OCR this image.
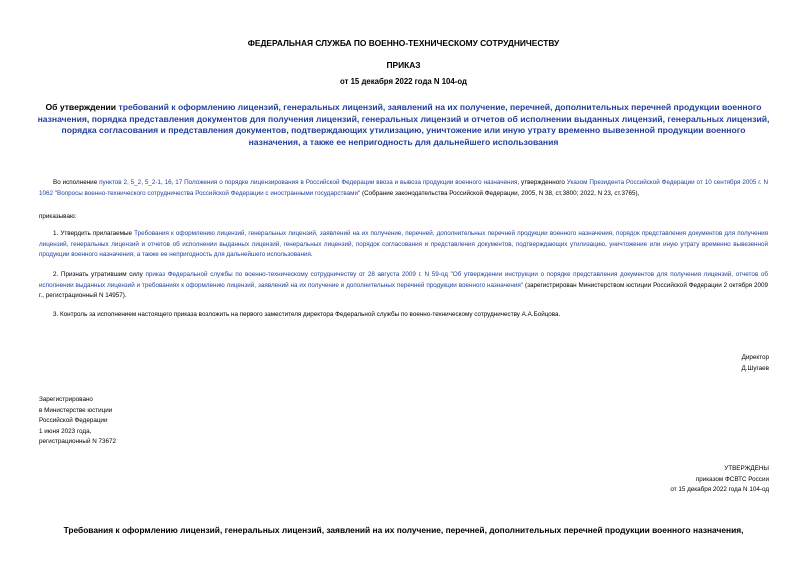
ФЕДЕРАЛЬНАЯ СЛУЖБА ПО ВОЕННО-ТЕХНИЧЕСКОМУ СОТРУДНИЧЕСТВУ
ПРИКАЗ
от 15 декабря 2022 года N 104-од
Об утверждении требований к оформлению лицензий, генеральных лицензий, заявлений на их получение, перечней, дополнительных перечней продукции военного назначения, порядка представления документов для получения лицензий, генеральных лицензий и отчетов об исполнении выданных лицензий, генеральных лицензий, порядка согласования и представления документов, подтверждающих утилизацию, уничтожение или иную утрату временно вывезенной продукции военного назначения, а также ее непригодность для дальнейшего использования

Во исполнение пунктов 2, 5_2, 5_2-1, 16, 17 Положения о порядке лицензирования в Российской Федерации ввоза и вывоза продукции военного назначения, утвержденного Указом Президента Российской Федерации от 10 сентября 2005 г. N 1062 "Вопросы военно-технического сотрудничества Российской Федерации с иностранными государствами" (Собрание законодательства Российской Федерации, 2005, N 38, ст.3800; 2022, N 23, ст.3765),

приказываю:

1. Утвердить прилагаемые Требования к оформлению лицензий, генеральных лицензий, заявлений на их получение, перечней, дополнительных перечней продукции военного назначения, порядок представления документов для получения лицензий, генеральных лицензий и отчетов об исполнении выданных лицензий, генеральных лицензий, порядок согласования и представления документов, подтверждающих утилизацию, уничтожение или иную утрату временно вывезенной продукции военного назначения, а также ее непригодность для дальнейшего использования.

2. Признать утратившим силу приказ Федеральной службы по военно-техническому сотрудничеству от 28 августа 2009 г. N 59-од "Об утверждении инструкции о порядке представления документов для получения лицензий, отчетов об исполнении выданных лицензий и требованиях к оформлению лицензий, заявлений на их получение и дополнительных перечней продукции военного назначения" (зарегистрирован Министерством юстиции Российской Федерации 2 октября 2009 г., регистрационный N 14957).

3. Контроль за исполнением настоящего приказа возложить на первого заместителя директора Федеральной службы по военно-техническому сотрудничеству А.А.Бойцова.

Директор
Д.Шугаев
Зарегистрировано
в Министерстве юстиции
Российской Федерации
1 июня 2023 года,
регистрационный N 73672
УТВЕРЖДЕНЫ
приказом ФСВТС России
от 15 декабря 2022 года N 104-од
Требования к оформлению лицензий, генеральных лицензий, заявлений на их получение, перечней, дополнительных перечней продукции военного назначения,
